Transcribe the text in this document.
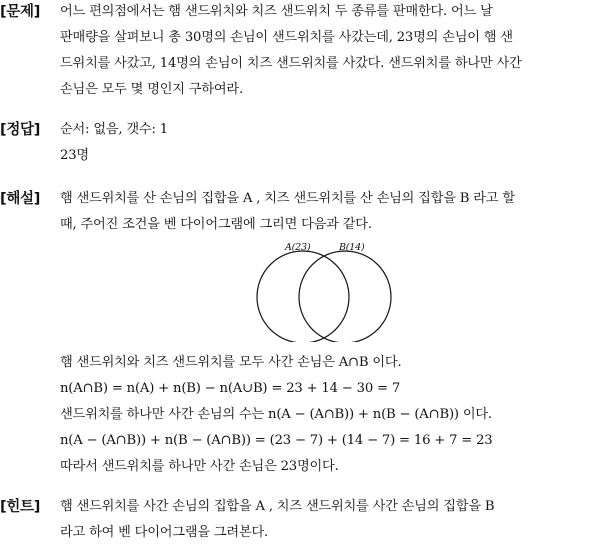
[문제] 어느 편의점에서는 햄 샌드위치와 치즈 샌드위치 두 종류를 판매한다. 어느 날
판매량을 살펴보니 총 30명의 손님이 샌드위치를 사갔는데, 23명의 손님이 햄 샌
드위치를 사갔고, 14명의 손님이 치즈 샌드위치를 사갔다. 샌드위치를 하나만 사간
손님은 모두 몇 명인지 구하여라.
[정답] 순서: 없음, 갯수: 1
23명
[해설] 햄 샌드위치를 산 손님의 집합을 A , 치즈 샌드위치를 산 손님의 집합을 B 라고 할
때, 주어진 조건을 벤 다이어그램에 그리면 다음과 같다.
A(23)	B(14)
햄 샌드위치와 치즈 샌드위치를 모두 사간 손님은 A∩B 이다.
n(A∩B) = n(A) + n(B) − n(A∪B) = 23 + 14 − 30 = 7
샌드위치를 하나만 사간 손님의 수는 n(A − (A∩B)) + n(B − (A∩B)) 이다.
n(A − (A∩B)) + n(B − (A∩B)) = (23 − 7) + (14 − 7) = 16 + 7 = 23
따라서 샌드위치를 하나만 사간 손님은 23명이다.
[힌트] 햄 샌드위치를 사간 손님의 집합을 A , 치즈 샌드위치를 사간 손님의 집합을 B
라고 하여 벤 다이어그램을 그려본다.
